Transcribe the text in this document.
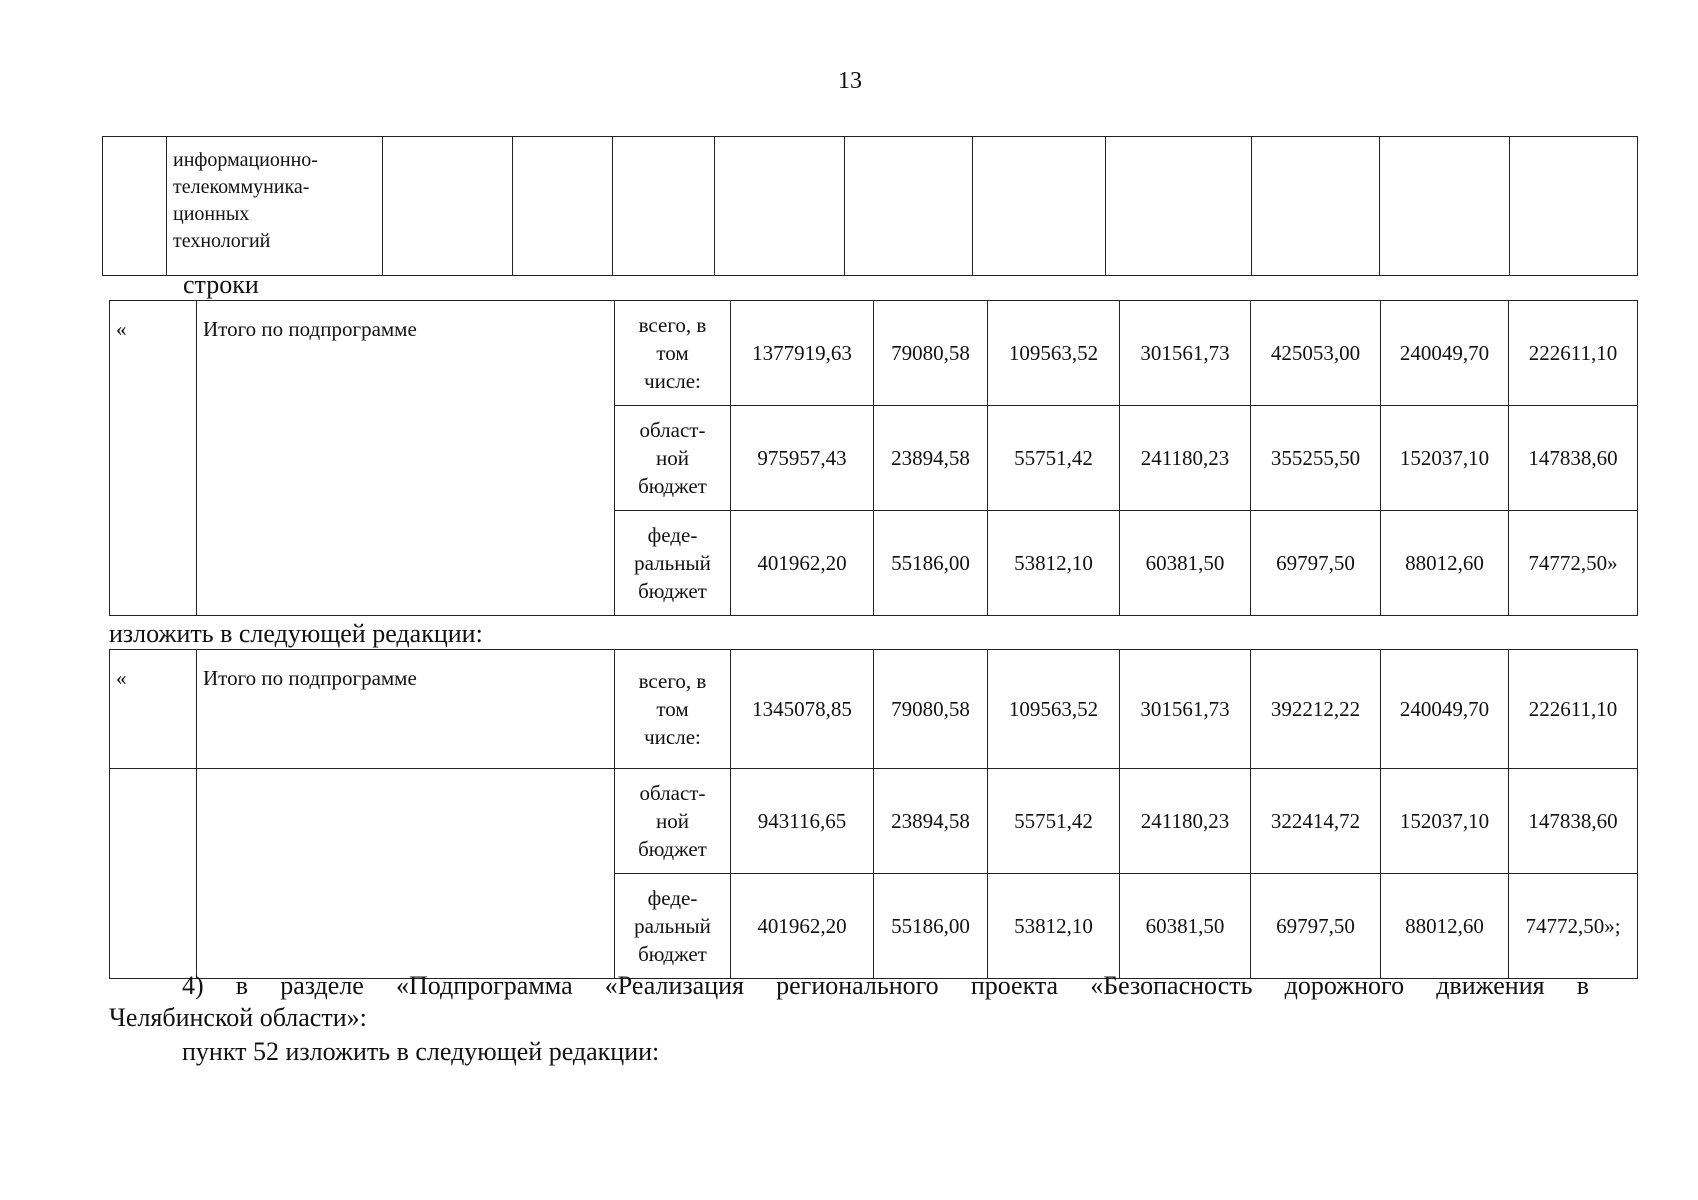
13

информационно-
телекоммуника-
ционных
технологий

строки
«	Итого по подпрограмме	всего, в
том
числе:	1377919,63	79080,58	109563,52	301561,73	425053,00	240049,70	222611,10

		област-
ной
бюджет	975957,43	23894,58	55751,42	241180,23	355255,50	152037,10	147838,60

		феде-
ральный
бюджет	401962,20	55186,00	53812,10	60381,50	69797,50	88012,60	74772,50»
изложить в следующей редакции:
«	Итого по подпрограмме	всего, в
том
числе:	1345078,85	79080,58	109563,52	301561,73	392212,22	240049,70	222611,10

		област-
ной
бюджет	943116,65	23894,58	55751,42	241180,23	322414,72	152037,10	147838,60

		феде-
ральный
бюджет	401962,20	55186,00	53812,10	60381,50	69797,50	88012,60	74772,50»;
4) в разделе «Подпрограмма «Реализация регионального проекта «Безопасность дорожного движения в
Челябинской области»:
пункт 52 изложить в следующей редакции:
